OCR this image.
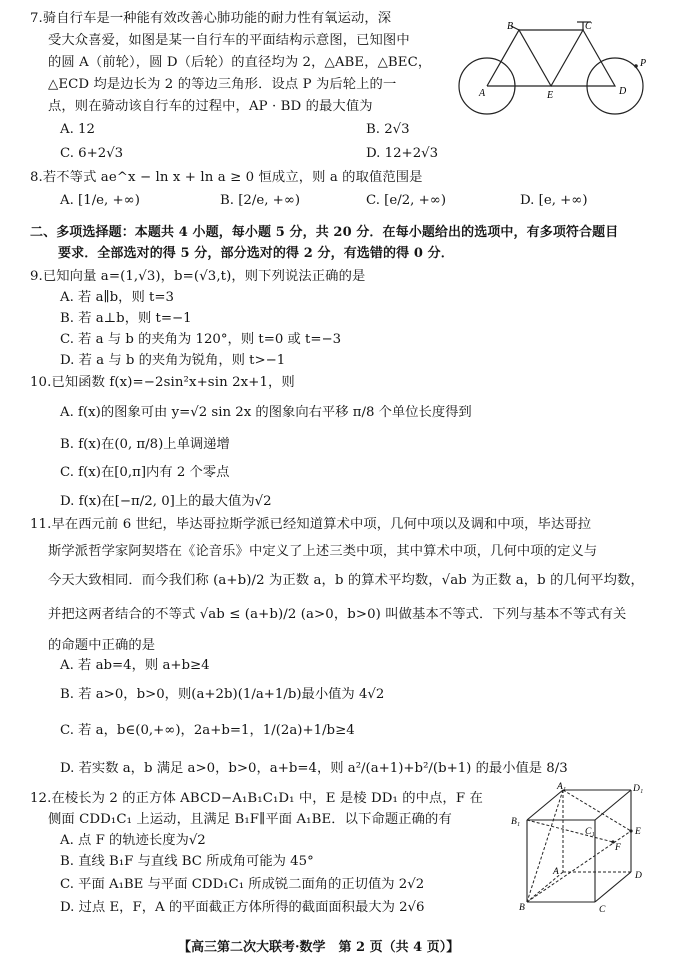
7.骑自行车是一种能有效改善心肺功能的耐力性有氧运动，深
受大众喜爱，如图是某一自行车的平面结构示意图，已知图中
的圆 A（前轮），圆 D（后轮）的直径均为 2，△ABE，△BEC，
△ECD 均是边长为 2 的等边三角形．设点 P 为后轮上的一
点，则在骑动该自行车的过程中，AP · BD 的最大值为
A. 12	B. 2√3
C. 6+2√3	D. 12+2√3
A
B	C
D
E
P
8.若不等式 ae^x − ln x + ln a ≥ 0 恒成立，则 a 的取值范围是
A. [1/e, +∞)	B. [2/e, +∞)	C. [e/2, +∞)	D. [e, +∞)
二、多项选择题：本题共 4 小题，每小题 5 分，共 20 分．在每小题给出的选项中，有多项符合题目
要求．全部选对的得 5 分，部分选对的得 2 分，有选错的得 0 分．
9.已知向量 a=(1,√3)，b=(√3,t)，则下列说法正确的是
A. 若 a∥b，则 t=3
B. 若 a⊥b，则 t=−1
C. 若 a 与 b 的夹角为 120°，则 t=0 或 t=−3
D. 若 a 与 b 的夹角为锐角，则 t>−1
10.已知函数 f(x)=−2sin²x+sin 2x+1，则
A. f(x)的图象可由 y=√2 sin 2x 的图象向右平移 π/8 个单位长度得到
B. f(x)在(0, π/8)上单调递增
C. f(x)在[0,π]内有 2 个零点
D. f(x)在[−π/2, 0]上的最大值为√2
11.早在西元前 6 世纪，毕达哥拉斯学派已经知道算术中项，几何中项以及调和中项，毕达哥拉
斯学派哲学家阿契塔在《论音乐》中定义了上述三类中项，其中算术中项，几何中项的定义与
今天大致相同．而今我们称 (a+b)/2 为正数 a，b 的算术平均数，√ab 为正数 a，b 的几何平均数，
并把这两者结合的不等式 √ab ≤ (a+b)/2 (a>0，b>0) 叫做基本不等式．下列与基本不等式有关
的命题中正确的是
A. 若 ab=4，则 a+b≥4
B. 若 a>0，b>0，则(a+2b)(1/a+1/b)最小值为 4√2
C. 若 a，b∈(0,+∞)，2a+b=1，1/(2a)+1/b≥4
D. 若实数 a，b 满足 a>0，b>0，a+b=4，则 a²/(a+1)+b²/(b+1) 的最小值是 8/3
12.在棱长为 2 的正方体 ABCD−A₁B₁C₁D₁ 中，E 是棱 DD₁ 的中点，F 在
侧面 CDD₁C₁ 上运动，且满足 B₁F∥平面 A₁BE．以下命题正确的有
A. 点 F 的轨迹长度为√2
B. 直线 B₁F 与直线 BC 所成角可能为 45°
C. 平面 A₁BE 与平面 CDD₁C₁ 所成锐二面角的正切值为 2√2
D. 过点 E，F，A 的平面截正方体所得的截面面积最大为 2√6
A₁	D₁
B₁
C₁
A
B	C
D
E
F
【高三第二次大联考·数学　第 2 页（共 4 页）】
